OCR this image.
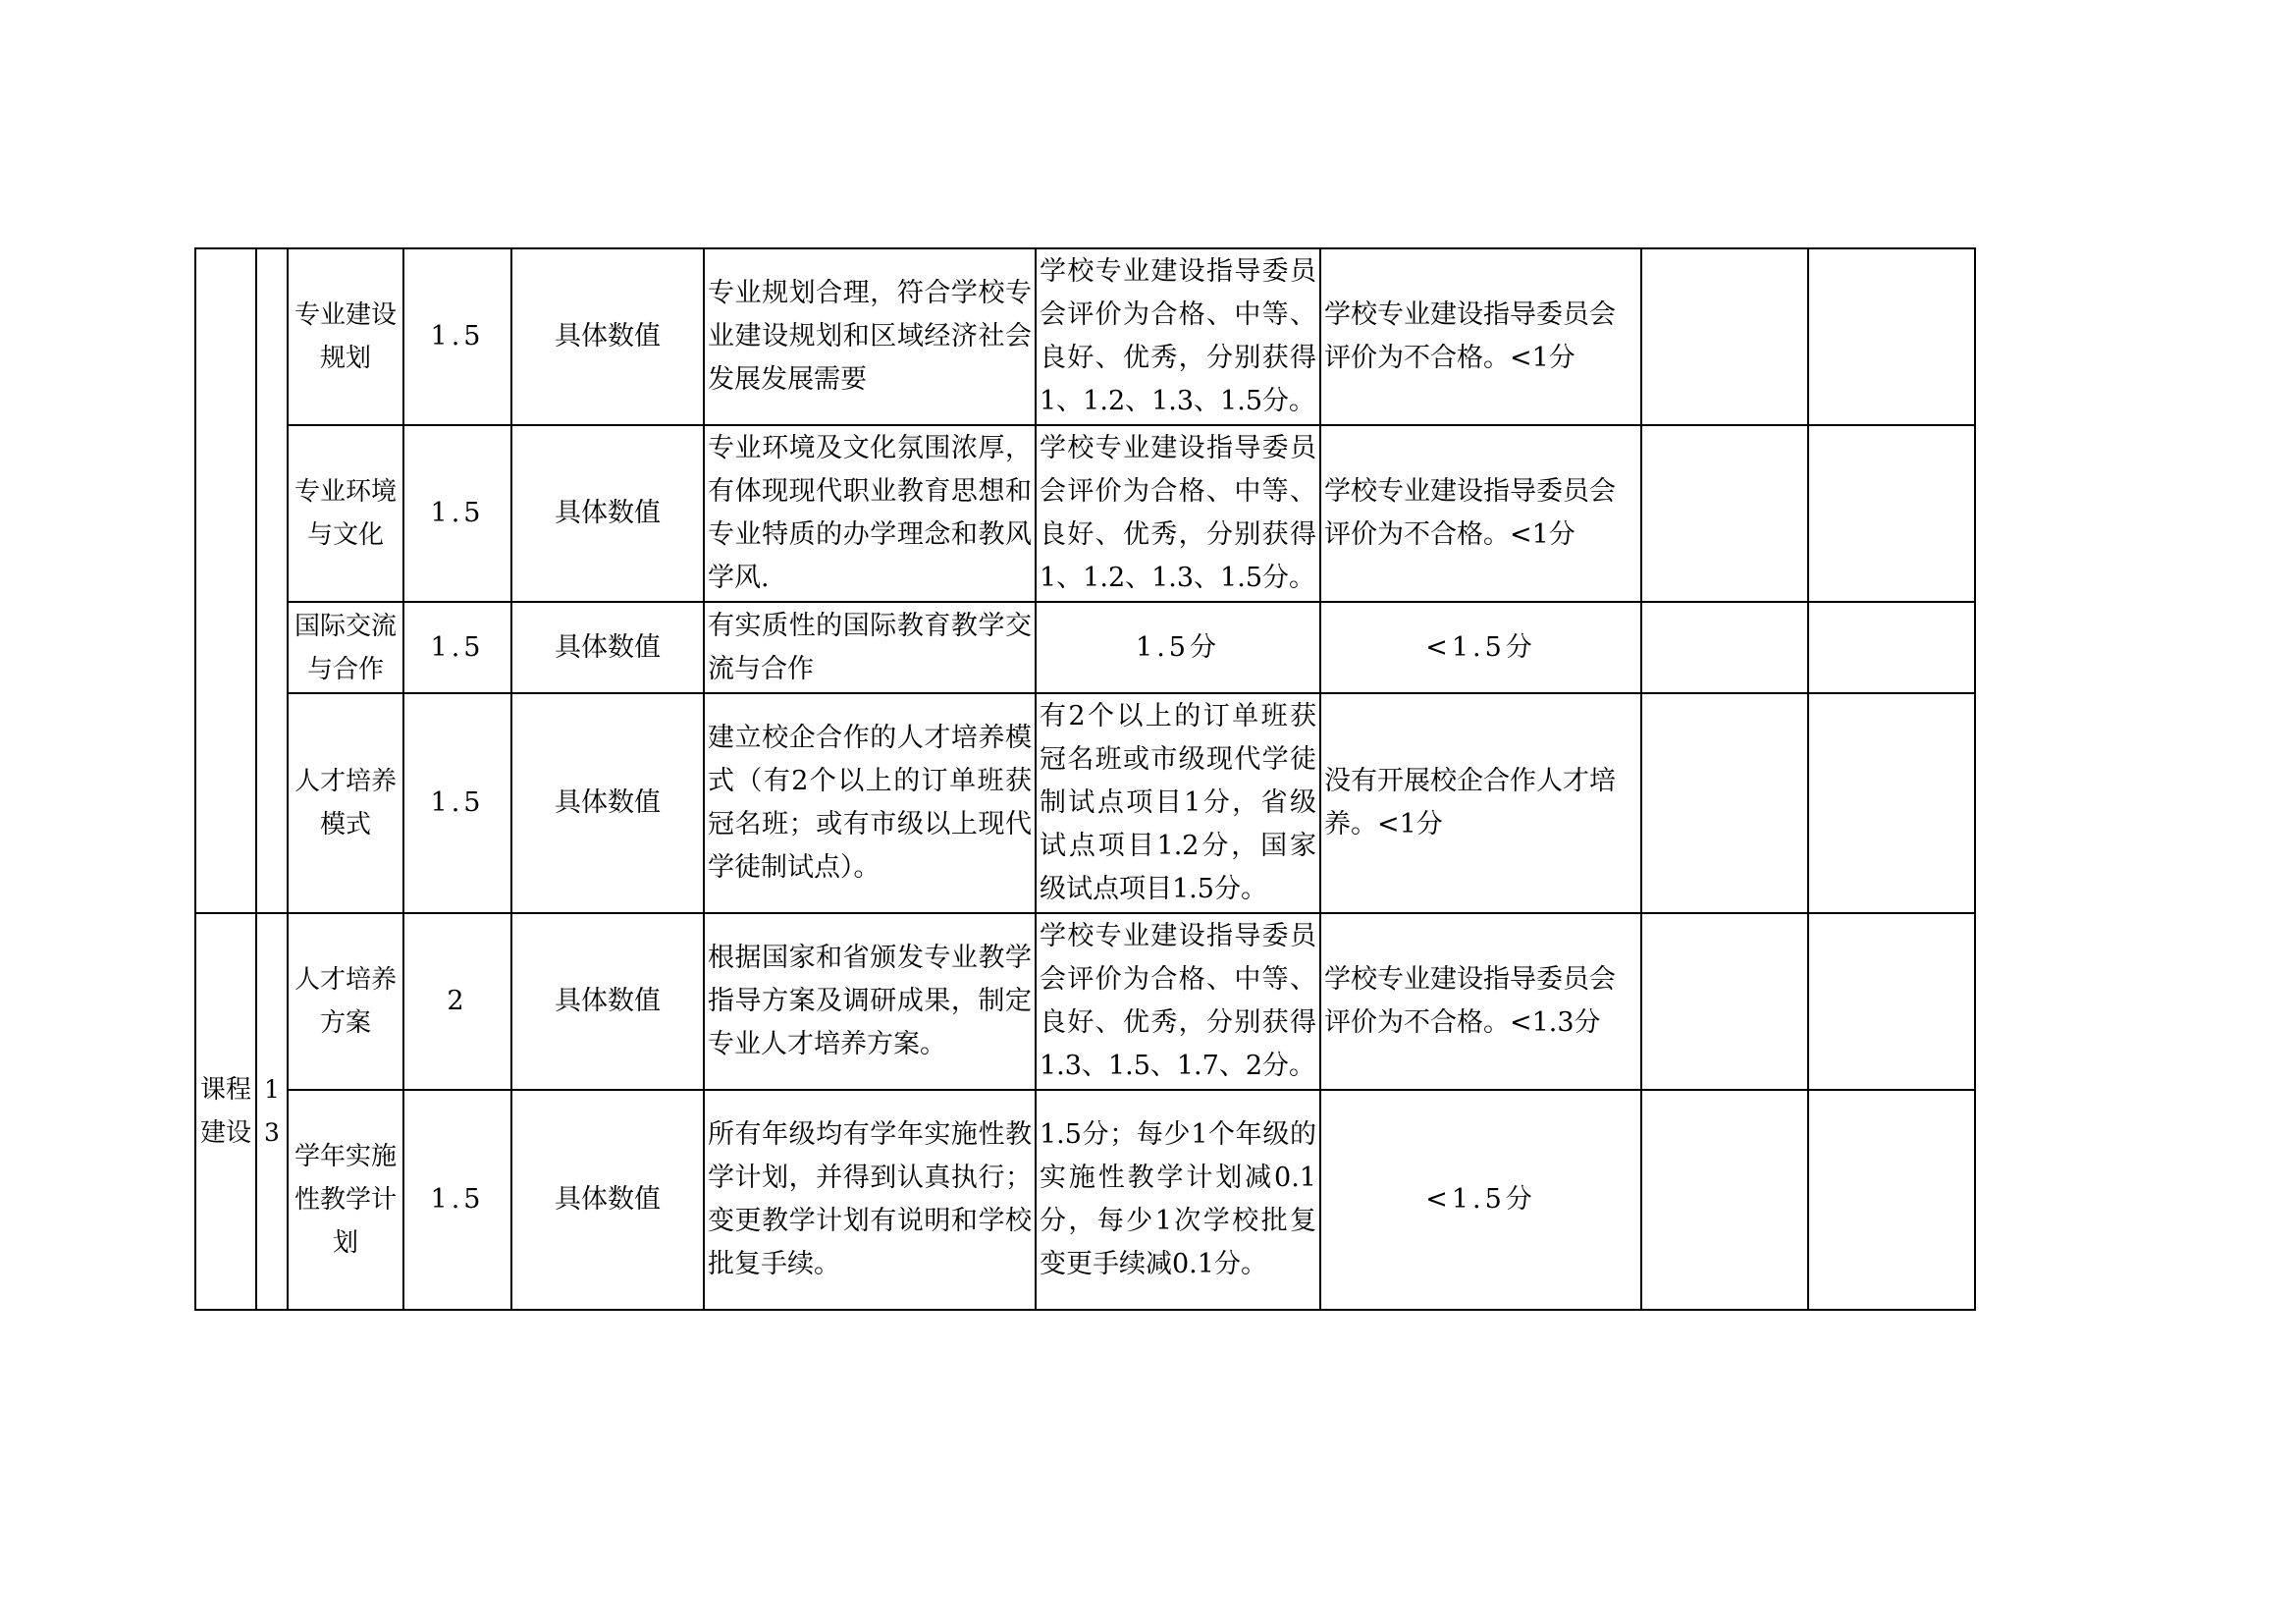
		专业建设规划	1.5	具体数值	专业规划合理，符合学校专业建设规划和区域经济社会发展发展需要	学校专业建设指导委员会评价为合格、中等、良好、优秀，分别获得1、1.2、1.3、1.5分。	学校专业建设指导委员会评价为不合格。<1分		
		专业环境与文化	1.5	具体数值	专业环境及文化氛围浓厚，有体现现代职业教育思想和专业特质的办学理念和教风学风.	学校专业建设指导委员会评价为合格、中等、良好、优秀，分别获得1、1.2、1.3、1.5分。	学校专业建设指导委员会评价为不合格。<1分		
		国际交流与合作	1.5	具体数值	有实质性的国际教育教学交流与合作	1.5分	<1.5分		
		人才培养模式	1.5	具体数值	建立校企合作的人才培养模式（有2个以上的订单班获冠名班；或有市级以上现代学徒制试点）。	有2个以上的订单班获冠名班或市级现代学徒制试点项目1分，省级试点项目1.2分，国家级试点项目1.5分。	没有开展校企合作人才培养。<1分		
课程建设	13	人才培养方案	2	具体数值	根据国家和省颁发专业教学指导方案及调研成果，制定专业人才培养方案。	学校专业建设指导委员会评价为合格、中等、良好、优秀，分别获得1.3、1.5、1.7、2分。	学校专业建设指导委员会评价为不合格。<1.3分		
		学年实施性教学计划	1.5	具体数值	所有年级均有学年实施性教学计划，并得到认真执行；变更教学计划有说明和学校批复手续。	1.5分；每少1个年级的实施性教学计划减0.1分，每少1次学校批复变更手续减0.1分。	<1.5分		
